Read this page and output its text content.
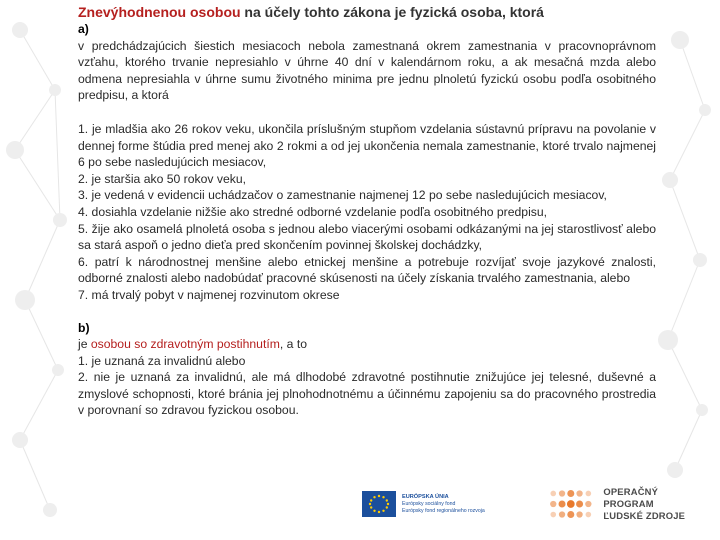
Znevýhodnenou osobou na účely tohto zákona je fyzická osoba, ktorá
a)

v predchádzajúcich šiestich mesiacoch nebola zamestnaná okrem zamestnania v pracovnoprávnom vzťahu, ktorého trvanie nepresiahlo v úhrne 40 dní v kalendárnom roku, a ak mesačná mzda alebo odmena nepresiahla v úhrne sumu životného minima pre jednu plnoletú fyzickú osobu podľa osobitného predpisu, a ktorá

1. je mladšia ako 26 rokov veku, ukončila príslušným stupňom vzdelania sústavnú prípravu na povolanie v dennej forme štúdia pred menej ako 2 rokmi a od jej ukončenia nemala zamestnanie, ktoré trvalo najmenej 6 po sebe nasledujúcich mesiacov,

2. je staršia ako 50 rokov veku,

3. je vedená v evidencii uchádzačov o zamestnanie najmenej 12 po sebe nasledujúcich mesiacov,

4. dosiahla vzdelanie nižšie ako stredné odborné vzdelanie podľa osobitného predpisu,

5. žije ako osamelá plnoletá osoba s jednou alebo viacerými osobami odkázanými na jej starostlivosť alebo sa stará aspoň o jedno dieťa pred skončením povinnej školskej dochádzky,

6. patrí k národnostnej menšine alebo etnickej menšine a potrebuje rozvíjať svoje jazykové znalosti, odborné znalosti alebo nadobúdať pracovné skúsenosti na účely získania trvalého zamestnania, alebo

7. má trvalý pobyt v najmenej rozvinutom okrese

b)

je osobou so zdravotným postihnutím, a to

1. je uznaná za invalidnú alebo

2. nie je uznaná za invalidnú, ale má dlhodobé zdravotné postihnutie znižujúce jej telesné, duševné a zmyslové schopnosti, ktoré bránia jej plnohodnotnému a účinnému zapojeniu sa do pracovného prostredia v porovnaní so zdravou fyzickou osobou.

EURÓPSKA ÚNIA
Európsky sociálny fond
Európsky fond regionálneho rozvoja
OPERAČNÝ PROGRAM
ĽUDSKÉ ZDROJE
